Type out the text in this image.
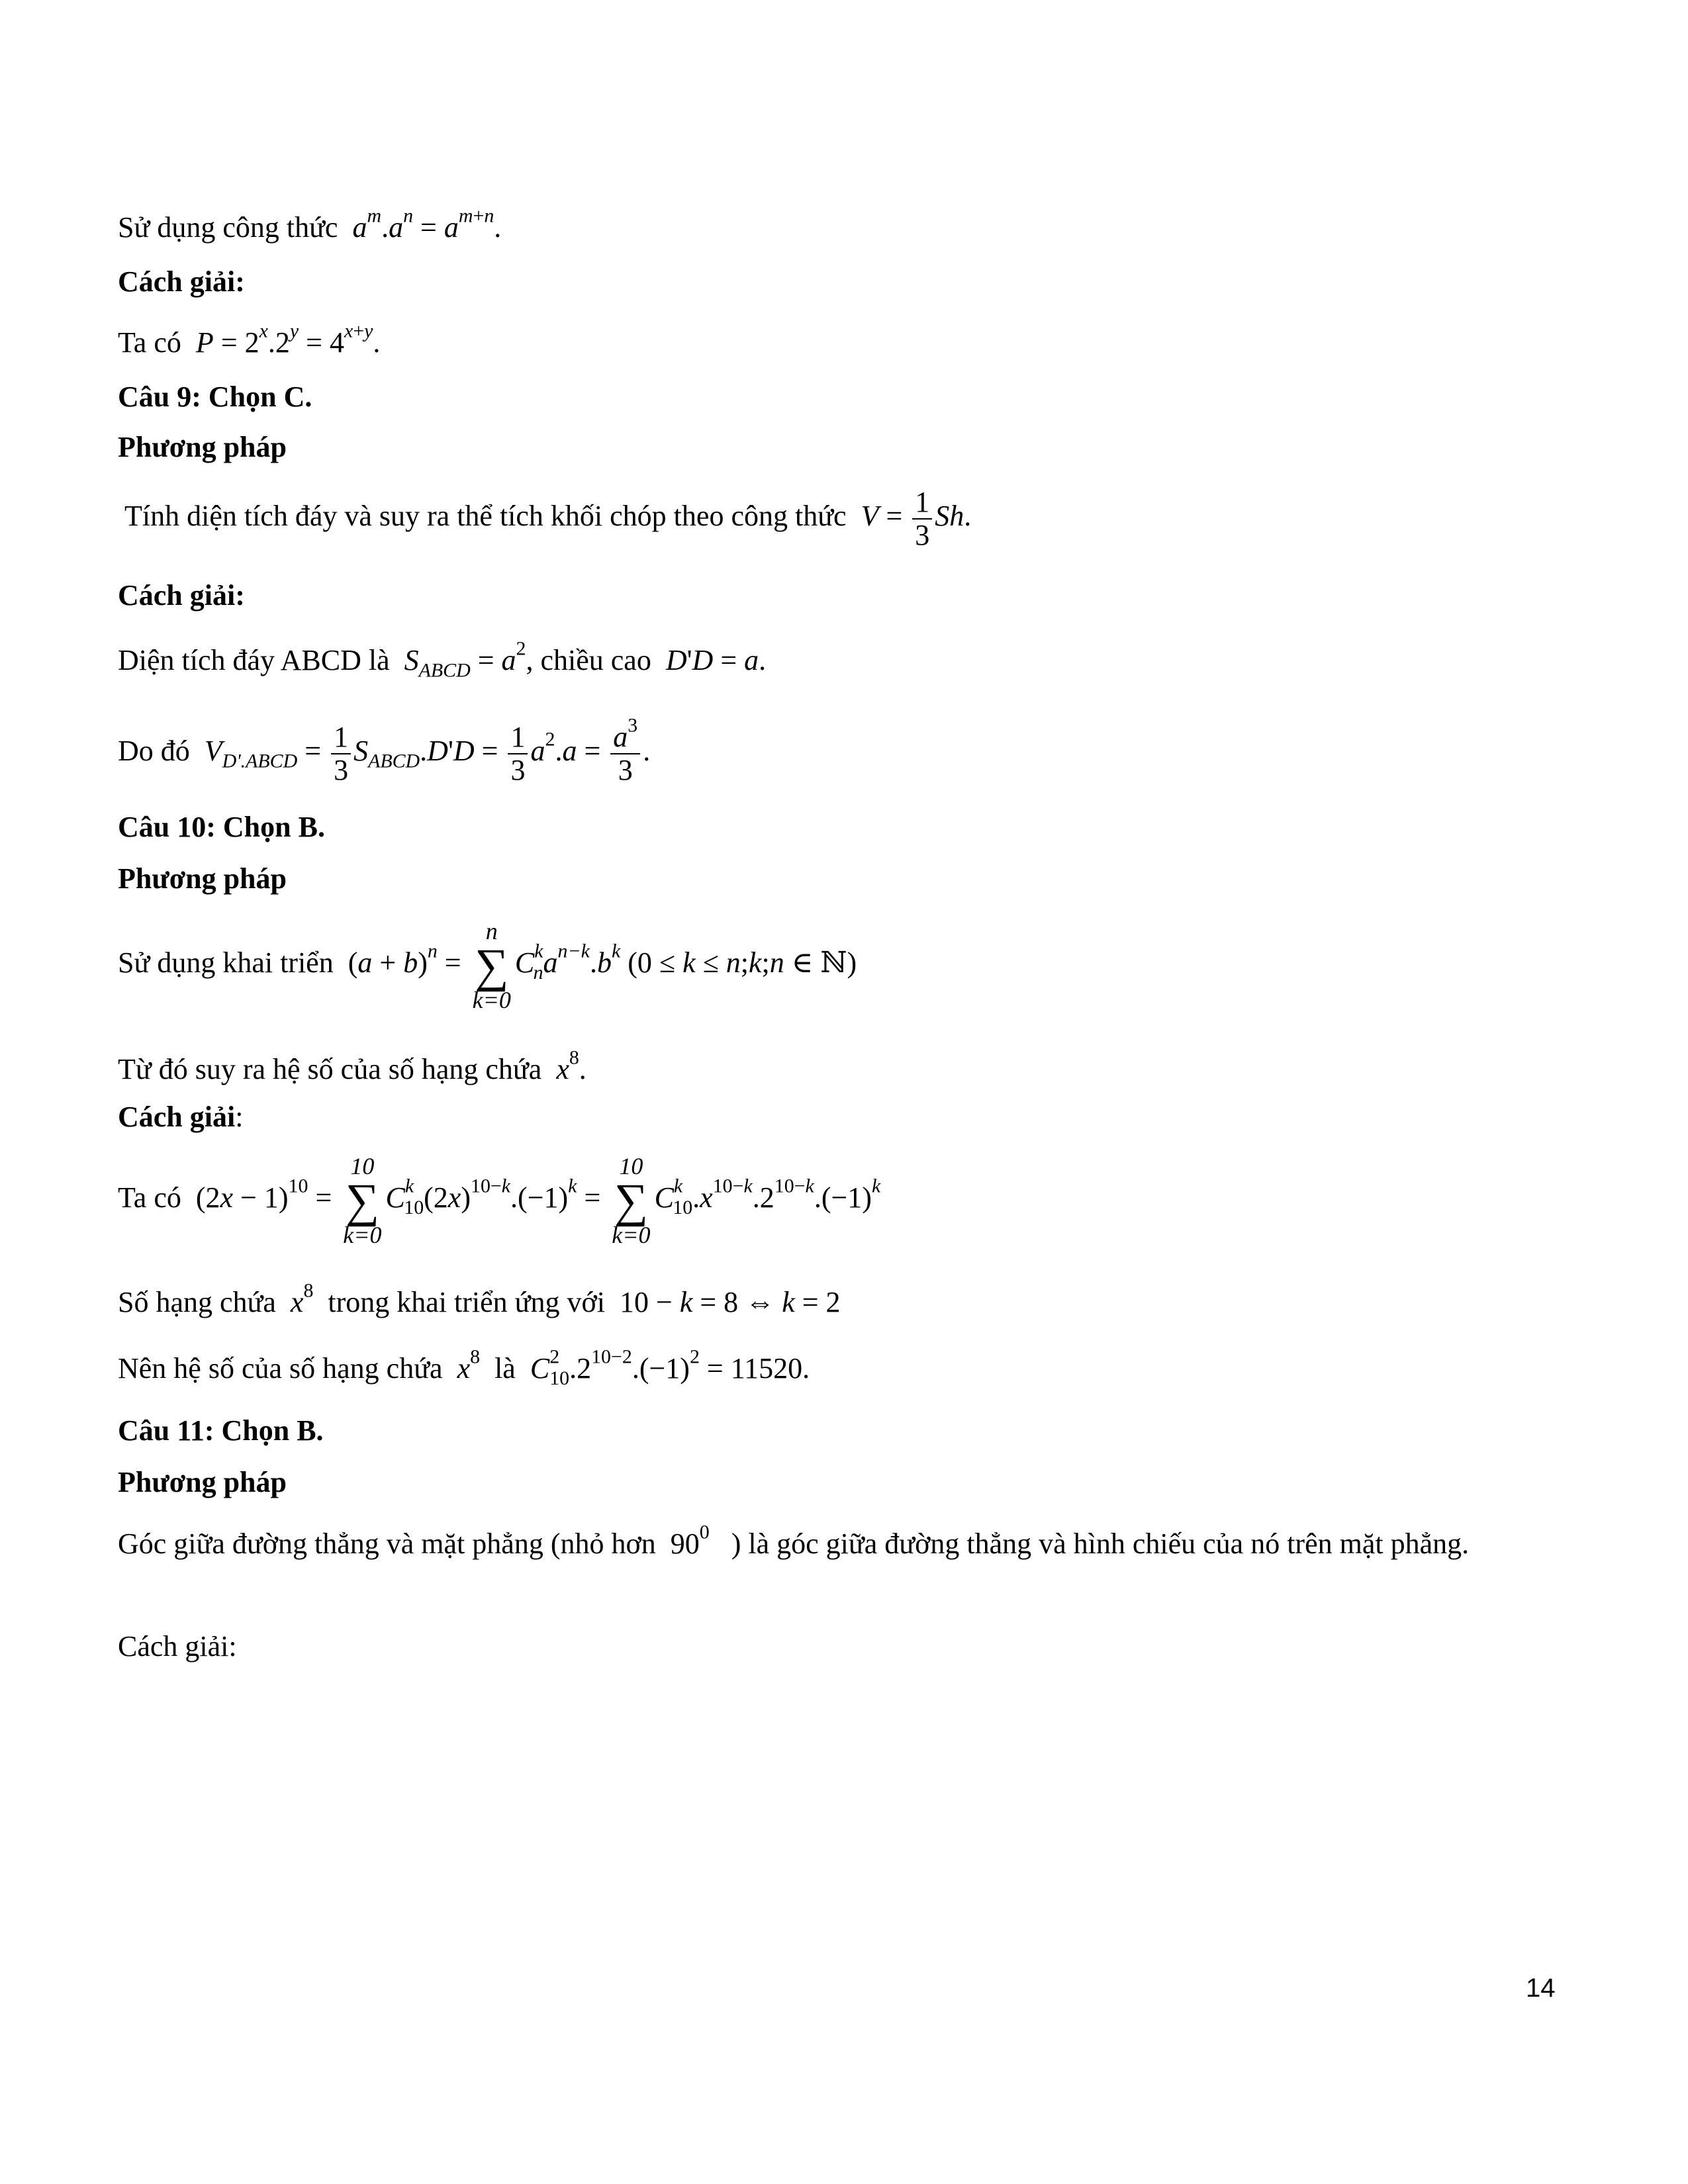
Sử dụng công thức $a^m.a^n = a^{m+n}$.
Cách giải:
Ta có $P = 2^x.2^y = 4^{x+y}$.
Câu 9: Chọn C.
Phương pháp
Tính diện tích đáy và suy ra thể tích khối chóp theo công thức $V = \frac{1}{3} Sh$.
Cách giải:
Diện tích đáy ABCD là $S_{ABCD} = a^2$, chiều cao D'D = a.
Do đó $V_{D'.ABCD} = \frac{1}{3} S_{ABCD}.D'D = \frac{1}{3} a^2.a = \frac{a^3}{3}$ .
Câu 10: Chọn B.
Phương pháp
Sử dụng khai triển  $(a + b)^n$ =
n
∑
k=0
$C^k_na^{n-k}.b^k$ (0 ≤ k ≤ n;k;n ∈ ℕ)
Từ đó suy ra hệ số của số hạng chứa $x^8$.
Cách giải:
Ta có  $(2x - 1)^{10}$ =
10
∑
k=0
$C^k_{10}(2x)^{10-k}.(-1)^k$ =
10
∑
k=0
$C^k_{10}.x^{10-k}.2^{10-k}.(-1)^k$
Số hạng chứa $x^8$ trong khai triển ứng với  10 − k = 8 ⇔ k = 2
Nên hệ số của số hạng chứa $x^8$ là $C^2_{10}.2^{10-2}.(-1)^2 = 11520$.
Câu 11: Chọn B.
Phương pháp
Góc giữa đường thẳng và mặt phẳng (nhỏ hơn  $90^0$ ) là góc giữa đường thẳng và hình chiếu của nó trên mặt phẳng.
Cách giải:
14
